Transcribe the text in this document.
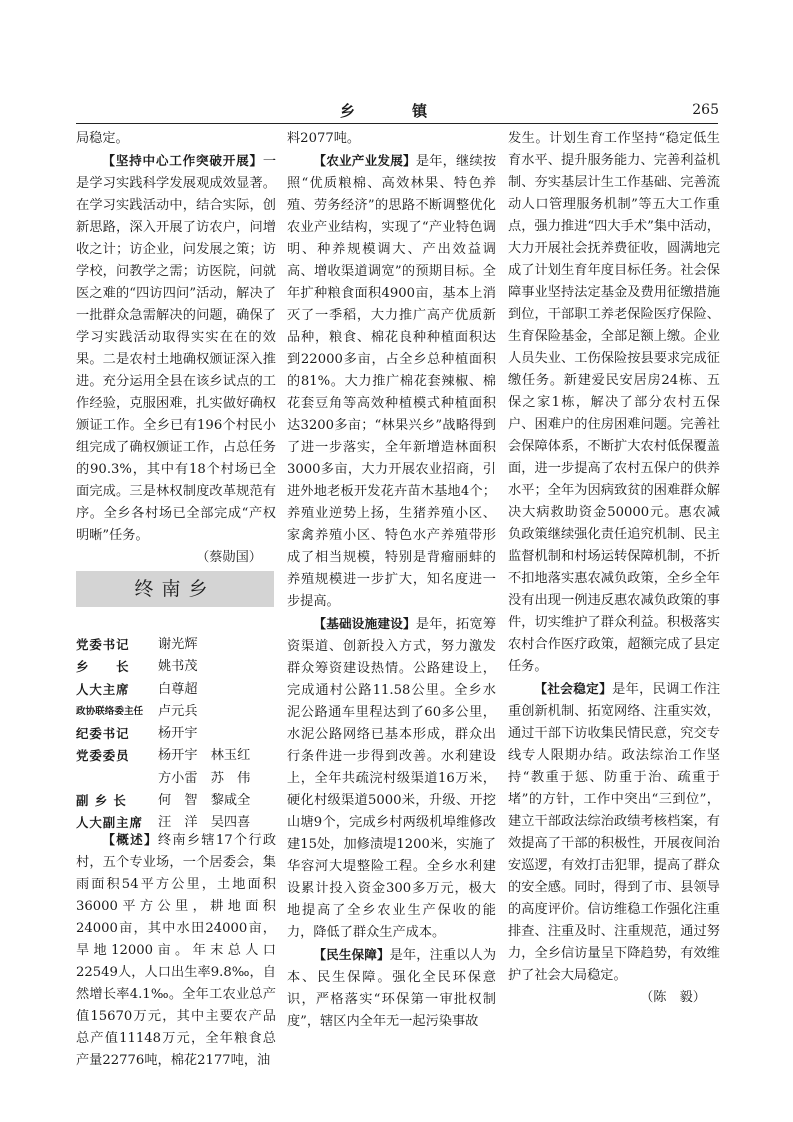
乡 镇	265

局稳定。

【坚持中心工作突破开展】一是学习实践科学发展观成效显著。在学习实践活动中，结合实际，创新思路，深入开展了访农户，问增收之计；访企业，问发展之策；访学校，问教学之需；访医院，问就医之难的“四访四问”活动，解决了一批群众急需解决的问题，确保了学习实践活动取得实实在在的效果。二是农村土地确权颁证深入推进。充分运用全县在该乡试点的工作经验，克服困难，扎实做好确权颁证工作。全乡已有196个村民小组完成了确权颁证工作，占总任务的90.3%，其中有18个村场已全面完成。三是林权制度改革规范有序。全乡各村场已全部完成“产权明晰”任务。

（蔡勋国）

终南乡
党委书记 谢光辉
乡　　长 姚书茂
人大主席 白尊超
政协联络委主任 卢元兵
纪委书记 杨开宇
党委委员 杨开宇　林玉红
方小雷　苏　伟
副 乡 长 何　智　黎咸全
人大副主席 汪　洋　吴四喜

【概述】终南乡辖17个行政村，五个专业场，一个居委会，集雨面积54平方公里，土地面积36000平方公里，耕地面积24000亩，其中水田24000亩，旱地12000亩。年末总人口22549人，人口出生率9.8‰，自然增长率4.1‰。全年工农业总产值15670万元，其中主要农产品总产值11148万元，全年粮食总产量22776吨，棉花2177吨，油

料2077吨。

【农业产业发展】是年，继续按照“优质粮棉、高效林果、特色养殖、劳务经济”的思路不断调整优化农业产业结构，实现了“产业特色调明、种养规模调大、产出效益调高、增收渠道调宽”的预期目标。全年扩种粮食面积4900亩，基本上消灭了一季稻，大力推广高产优质新品种，粮食、棉花良种种植面积达到22000多亩，占全乡总种植面积的81%。大力推广棉花套辣椒、棉花套豆角等高效种植模式种植面积达3200多亩；“林果兴乡”战略得到了进一步落实，全年新增造林面积3000多亩，大力开展农业招商，引进外地老板开发花卉苗木基地4个；养殖业逆势上扬，生猪养殖小区、家禽养殖小区、特色水产养殖带形成了相当规模，特别是背瘤丽蚌的养殖规模进一步扩大，知名度进一步提高。

【基础设施建设】是年，拓宽筹资渠道、创新投入方式，努力激发群众筹资建设热情。公路建设上，完成通村公路11.58公里。全乡水泥公路通车里程达到了60多公里，水泥公路网络已基本形成，群众出行条件进一步得到改善。水利建设上，全年共疏浣村级渠道16万米，硬化村级渠道5000米，升级、开挖山塘9个，完成乡村两级机埠维修改建15处，加修渍堤1200米，实施了华容河大堤整险工程。全乡水利建设累计投入资金300多万元，极大地提高了全乡农业生产保收的能力，降低了群众生产成本。

【民生保障】是年，注重以人为本、民生保障。强化全民环保意识，严格落实“环保第一审批权制度”，辖区内全年无一起污染事故

发生。计划生育工作坚持“稳定低生育水平、提升服务能力、完善利益机制、夯实基层计生工作基础、完善流动人口管理服务机制”等五大工作重点，强力推进“四大手术”集中活动，大力开展社会抚养费征收，圆满地完成了计划生育年度目标任务。社会保障事业坚持法定基金及费用征缴措施到位，干部职工养老保险医疗保险、生育保险基金，全部足额上缴。企业人员失业、工伤保险按县要求完成征缴任务。新建爱民安居房24栋、五保之家1栋，解决了部分农村五保户、困难户的住房困难问题。完善社会保障体系，不断扩大农村低保覆盖面，进一步提高了农村五保户的供养水平；全年为因病致贫的困难群众解决大病救助资金50000元。惠农减负政策继续强化责任追究机制、民主监督机制和村场运转保障机制，不折不扣地落实惠农减负政策，全乡全年没有出现一例违反惠农减负政策的事件，切实维护了群众利益。积极落实农村合作医疗政策，超额完成了县定任务。

【社会稳定】是年，民调工作注重创新机制、拓宽网络、注重实效，通过干部下访收集民情民意，究交专线专人限期办结。政法综治工作坚持“教重于惩、防重于治、疏重于堵”的方针，工作中突出“三到位”，建立干部政法综治政绩考核档案，有效提高了干部的积极性，开展夜间治安巡逻，有效打击犯罪，提高了群众的安全感。同时，得到了市、县领导的高度评价。信访维稳工作强化注重排查、注重及时、注重规范，通过努力，全乡信访量呈下降趋势，有效维护了社会大局稳定。

（陈　毅）
